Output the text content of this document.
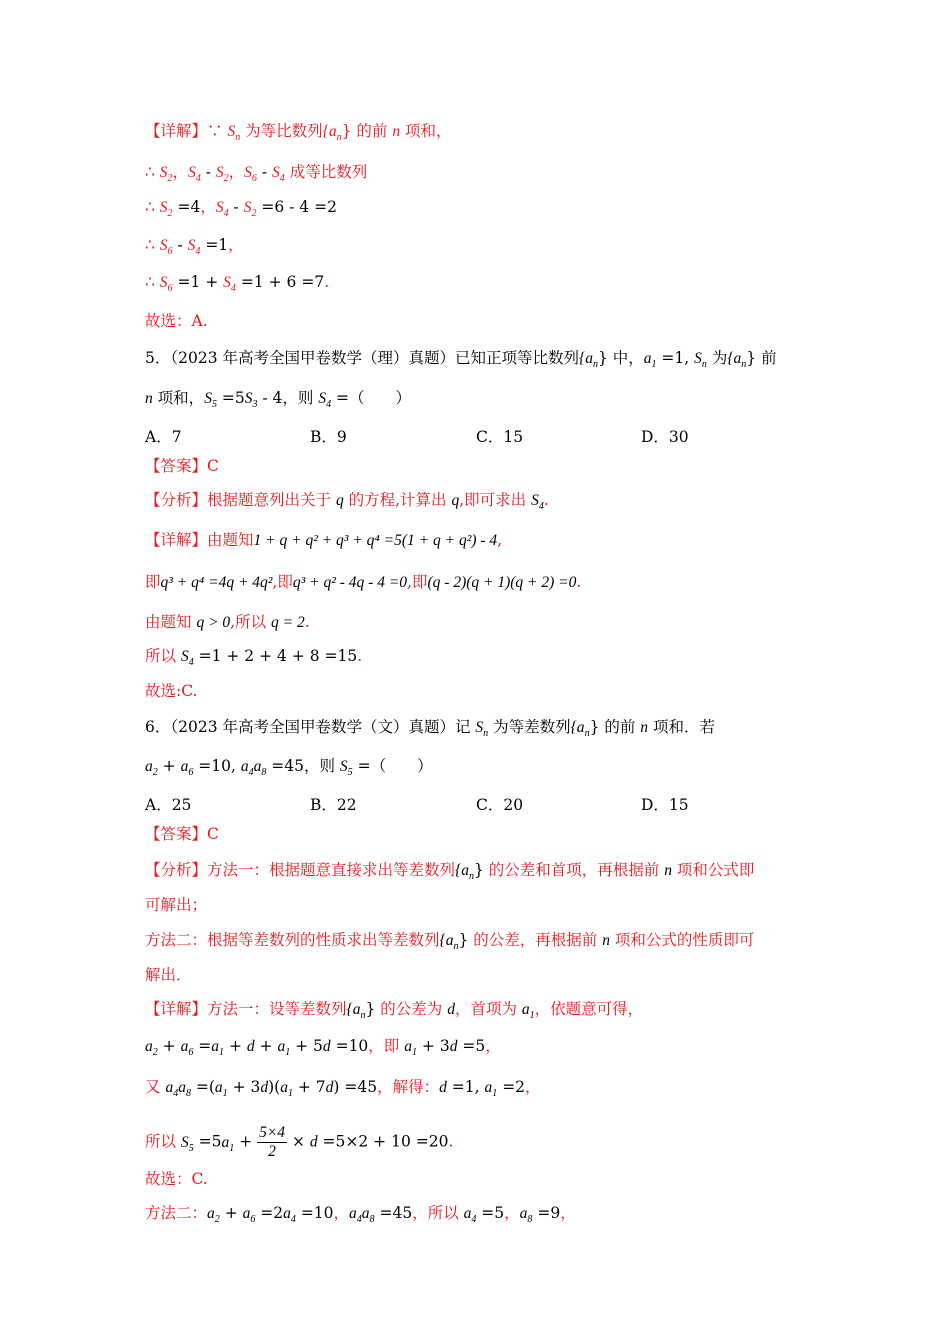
【详解】∵ $S_n$ 为等比数列$\{a_n\}$ 的前 n 项和，
∴ $S_2$，$S_4 - S_2$，$S_6 - S_4$ 成等比数列
∴ $S_2 =4$，$S_4 - S_2 =6 - 4 =2$
∴ $S_6 - S_4 =1$，
∴ $S_6 =1 + S_4 =1 + 6 =7$.
故选：A.
5．（2023 年高考全国甲卷数学（理）真题）已知正项等比数列$\{a_n\}$ 中，$a_1 =1$, $S_n$ 为$\{a_n\}$ 前
n 项和，$S_5 =5S_3 - 4$，则 $S_4$ =（　　）
【答案】C
【分析】根据题意列出关于 q 的方程,计算出 q,即可求出 $S_4$.
【详解】由题知1 + q + q² + q³ + q⁴ =5(1 + q + q²) - 4,
即q³ + q⁴ =4q + 4q²,即q³ + q² - 4q - 4 =0,即(q - 2)(q + 1)(q + 2) =0.
由题知 q > 0,所以 q = 2.
所以 $S_4 =1 + 2 + 4 + 8 =15$.
故选:C.
6．（2023 年高考全国甲卷数学（文）真题）记 $S_n$ 为等差数列$\{a_n\}$ 的前 n 项和．若
$a_2 + a_6 =10$, $a_4a_8 =45$，则 $S_5$ =（　　）
【答案】C
【分析】方法一：根据题意直接求出等差数列$\{a_n\}$ 的公差和首项，再根据前 n 项和公式即
可解出；
方法二：根据等差数列的性质求出等差数列$\{a_n\}$ 的公差，再根据前 n 项和公式的性质即可
解出．
【详解】方法一：设等差数列$\{a_n\}$ 的公差为 d，首项为 $a_1$，依题意可得，
$a_2 + a_6 =a_1 + d + a_1 + 5d =10$，即 $a_1 + 3d =5$，
又 $a_4a_8 =(a_1 + 3d)(a_1 + 7d) =45$，解得：d =1, $a_1 =2$，
所以 $S_5 =5a_1 + \frac{5\times 4}{2} \times d =5\times 2 + 10 =20$.
故选：C.
方法二：$a_2 + a_6 =2a_4 =10$，$a_4a_8 =45$，所以 $a_4 =5$，$a_8 =9$，
A．7	B．9	C．15	D．30
A．25	B．22	C．20	D．15
